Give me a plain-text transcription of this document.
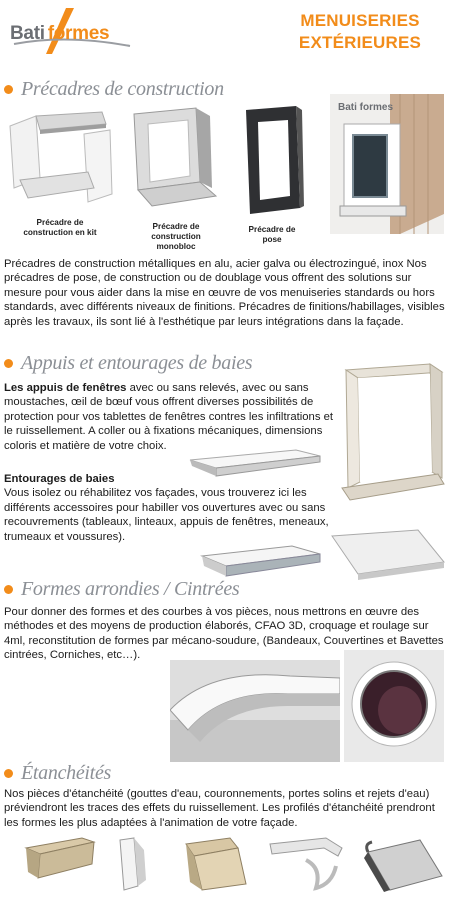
Bati formes
MENUISERIES
EXTÉRIEURES
Précadres de construction
Précadre de construction en kit
Précadre de construction monobloc
Précadre de pose
Bati formes

Précadres de construction métalliques en alu, acier galva ou électrozingué, inox Nos précadres de pose, de construction ou de doublage vous offrent des solutions sur mesure pour vous aider dans la mise en œuvre de vos menuiseries standards ou hors standards, avec différents niveaux de finitions. Précadres de finitions/habillages, visibles après les travaux, ils sont lié à l'esthétique par leurs intégrations dans la façade.

Appuis et entourages de baies

Les appuis de fenêtres avec ou sans relevés, avec ou sans moustaches, œil de bœuf vous offrent diverses possibilités de protection pour vos tablettes de fenêtres contres les infiltrations et le ruissellement. A coller ou à fixations mécaniques, dimensions coloris et matière de votre choix.

Entourages de baies
Vous isolez ou réhabilitez vos façades, vous trouverez ici les différents accessoires pour habiller vos ouvertures avec ou sans recouvrements (tableaux, linteaux, appuis de fenêtres, meneaux, trumeaux et voussures).

Formes arrondies / Cintrées

Pour donner des formes et des courbes à vos pièces, nous mettrons en œuvre des méthodes et des moyens de production élaborés, CFAO 3D, croquage et roulage sur 4ml, reconstitution de formes par mécano-soudure, (Bandeaux, Couvertines et Bavettes cintrées, Corniches, etc…).

Étanchéités

Nos pièces d'étanchéité (gouttes d'eau, couronnements, portes solins et rejets d'eau) préviendront les traces des effets du ruissellement. Les profilés d'étanchéité prendront les formes les plus adaptées à l'animation de votre façade.
